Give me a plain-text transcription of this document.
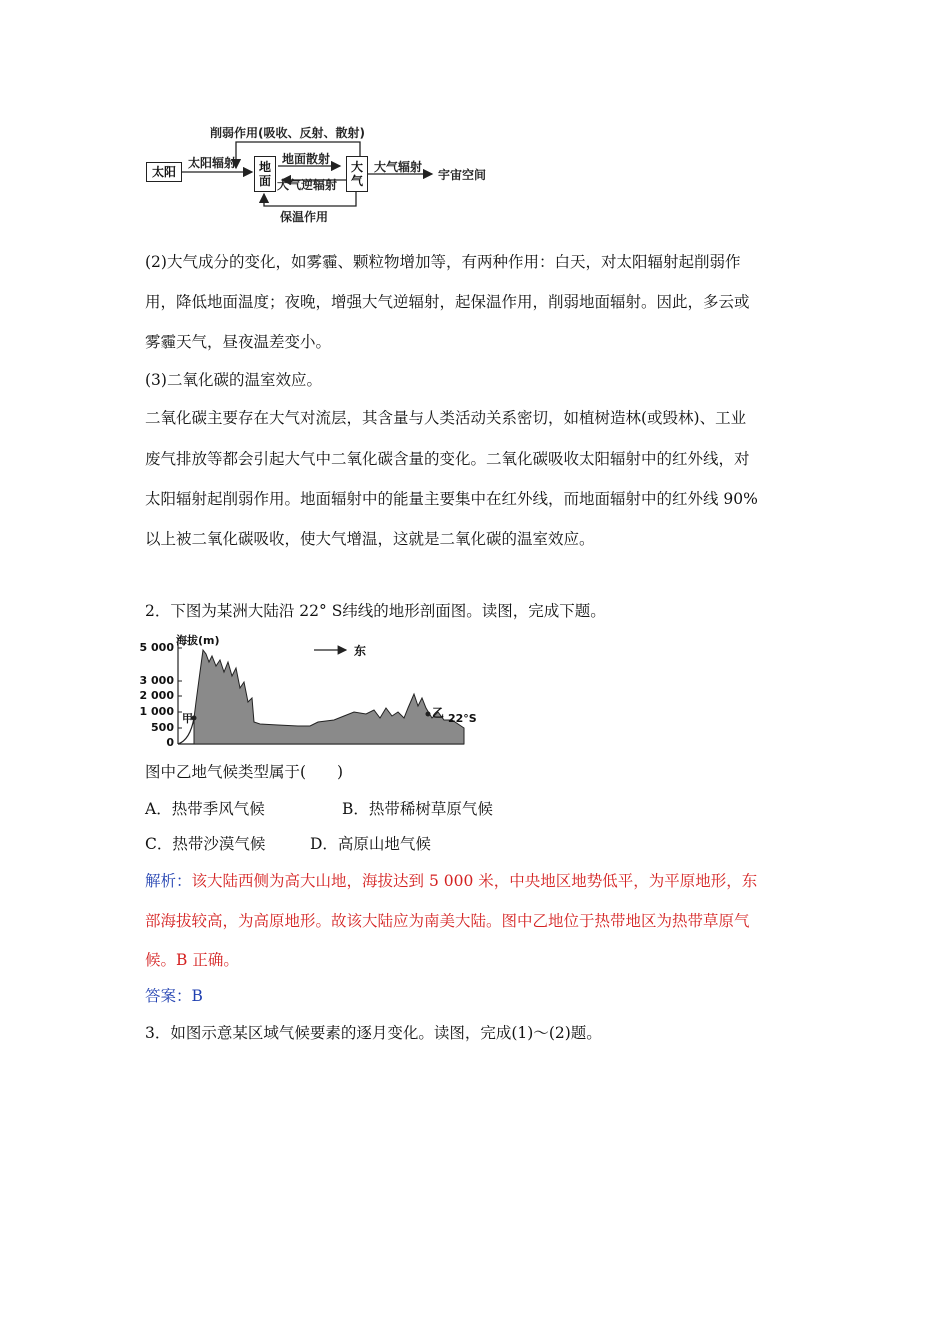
削弱作用(吸收、反射、散射)
太阳
太阳辐射	地
面
地面散射
大气逆辐射
大
气
大气辐射
宇宙空间
保温作用
(2)大气成分的变化，如雾霾、颗粒物增加等，有两种作用：白天，对太阳辐射起削弱作
用，降低地面温度；夜晚，增强大气逆辐射，起保温作用，削弱地面辐射。因此，多云或
雾霾天气，昼夜温差变小。
(3)二氧化碳的温室效应。
二氧化碳主要存在大气对流层，其含量与人类活动关系密切，如植树造林(或毁林)、工业
废气排放等都会引起大气中二氧化碳含量的变化。二氧化碳吸收太阳辐射中的红外线，对
太阳辐射起削弱作用。地面辐射中的能量主要集中在红外线，而地面辐射中的红外线 90%
以上被二氧化碳吸收，使大气增温，这就是二氧化碳的温室效应。
2．下图为某洲大陆沿 22° S纬线的地形剖面图。读图，完成下题。
海拔(m)
5 000
3 000
2 000
1 000
500
0
东
甲	乙 22°S
图中乙地气候类型属于(　　)
A．热带季风气候	B．热带稀树草原气候
C．热带沙漠气候	D．高原山地气候
解析：该大陆西侧为高大山地，海拔达到 5 000 米，中央地区地势低平，为平原地形，东
部海拔较高，为高原地形。故该大陆应为南美大陆。图中乙地位于热带地区为热带草原气
候。B 正确。
答案：B
3．如图示意某区域气候要素的逐月变化。读图，完成(1)～(2)题。
